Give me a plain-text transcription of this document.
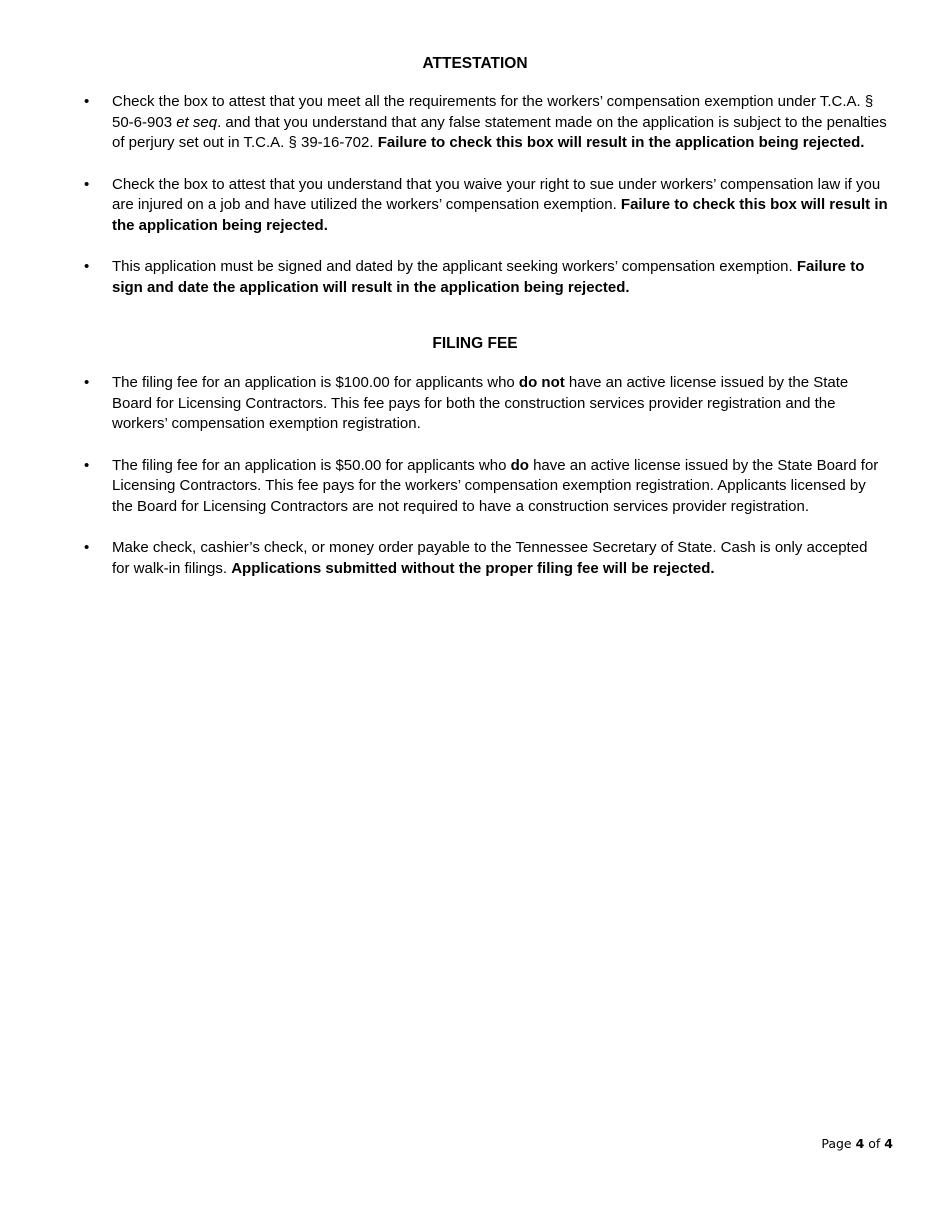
ATTESTATION
• Check the box to attest that you meet all the requirements for the workers’ compensation exemption under T.C.A. § 50-6-903 et seq. and that you understand that any false statement made on the application is subject to the penalties of perjury set out in T.C.A. § 39-16-702. Failure to check this box will result in the application being rejected.
• Check the box to attest that you understand that you waive your right to sue under workers’ compensation law if you are injured on a job and have utilized the workers’ compensation exemption. Failure to check this box will result in the application being rejected.
• This application must be signed and dated by the applicant seeking workers’ compensation exemption. Failure to sign and date the application will result in the application being rejected.
FILING FEE
• The filing fee for an application is $100.00 for applicants who do not have an active license issued by the State Board for Licensing Contractors. This fee pays for both the construction services provider registration and the workers’ compensation exemption registration.
• The filing fee for an application is $50.00 for applicants who do have an active license issued by the State Board for Licensing Contractors. This fee pays for the workers’ compensation exemption registration. Applicants licensed by the Board for Licensing Contractors are not required to have a construction services provider registration.
• Make check, cashier’s check, or money order payable to the Tennessee Secretary of State. Cash is only accepted for walk-in filings. Applications submitted without the proper filing fee will be rejected.
Page 4 of 4
